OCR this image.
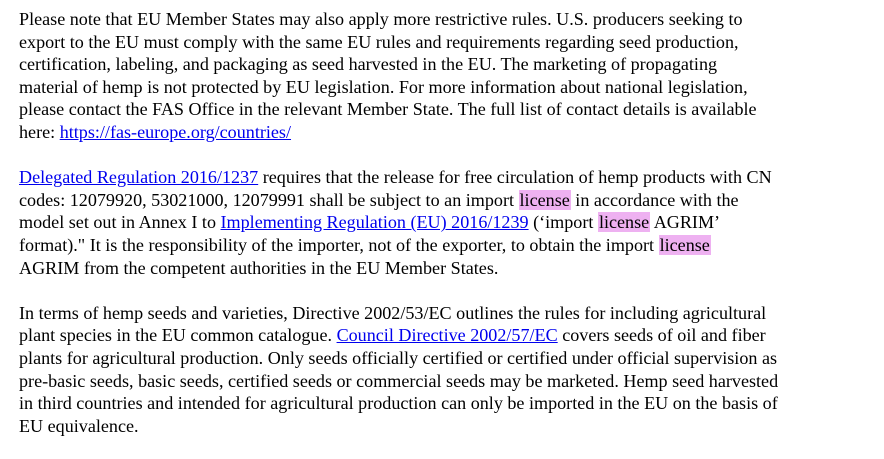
Please note that EU Member States may also apply more restrictive rules. U.S. producers seeking to
export to the EU must comply with the same EU rules and requirements regarding seed production,
certification, labeling, and packaging as seed harvested in the EU. The marketing of propagating
material of hemp is not protected by EU legislation. For more information about national legislation,
please contact the FAS Office in the relevant Member State. The full list of contact details is available
here: https://fas-europe.org/countries/

Delegated Regulation 2016/1237 requires that the release for free circulation of hemp products with CN
codes: 12079920, 53021000, 12079991 shall be subject to an import license in accordance with the
model set out in Annex I to Implementing Regulation (EU) 2016/1239 (‘import license AGRIM’
format)." It is the responsibility of the importer, not of the exporter, to obtain the import license
AGRIM from the competent authorities in the EU Member States.

In terms of hemp seeds and varieties, Directive 2002/53/EC outlines the rules for including agricultural
plant species in the EU common catalogue. Council Directive 2002/57/EC covers seeds of oil and fiber
plants for agricultural production. Only seeds officially certified or certified under official supervision as
pre-basic seeds, basic seeds, certified seeds or commercial seeds may be marketed. Hemp seed harvested
in third countries and intended for agricultural production can only be imported in the EU on the basis of
EU equivalence.
